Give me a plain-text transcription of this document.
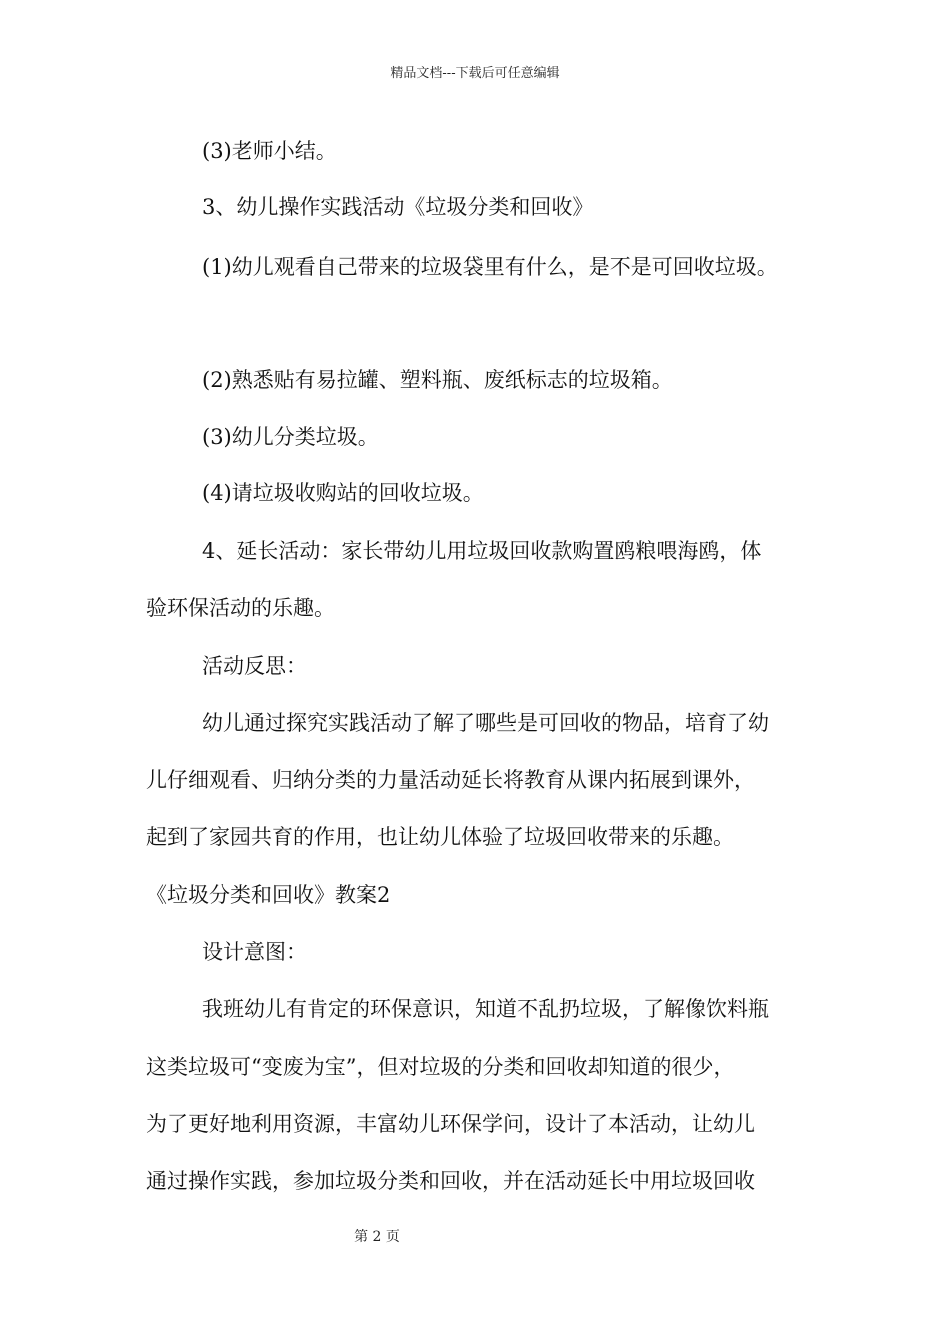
精品文档---下载后可任意编辑
(3)老师小结。
3、幼儿操作实践活动《垃圾分类和回收》
(1)幼儿观看自己带来的垃圾袋里有什么，是不是可回收垃圾。
(2)熟悉贴有易拉罐、塑料瓶、废纸标志的垃圾箱。
(3)幼儿分类垃圾。
(4)请垃圾收购站的回收垃圾。
4、延长活动：家长带幼儿用垃圾回收款购置鸥粮喂海鸥，体
验环保活动的乐趣。
活动反思：
幼儿通过探究实践活动了解了哪些是可回收的物品，培育了幼
儿仔细观看、归纳分类的力量活动延长将教育从课内拓展到课外，
起到了家园共育的作用，也让幼儿体验了垃圾回收带来的乐趣。
《垃圾分类和回收》教案2
设计意图：
我班幼儿有肯定的环保意识，知道不乱扔垃圾，了解像饮料瓶
这类垃圾可“变废为宝”，但对垃圾的分类和回收却知道的很少，
为了更好地利用资源，丰富幼儿环保学问，设计了本活动，让幼儿
通过操作实践，参加垃圾分类和回收，并在活动延长中用垃圾回收
第 2 页
